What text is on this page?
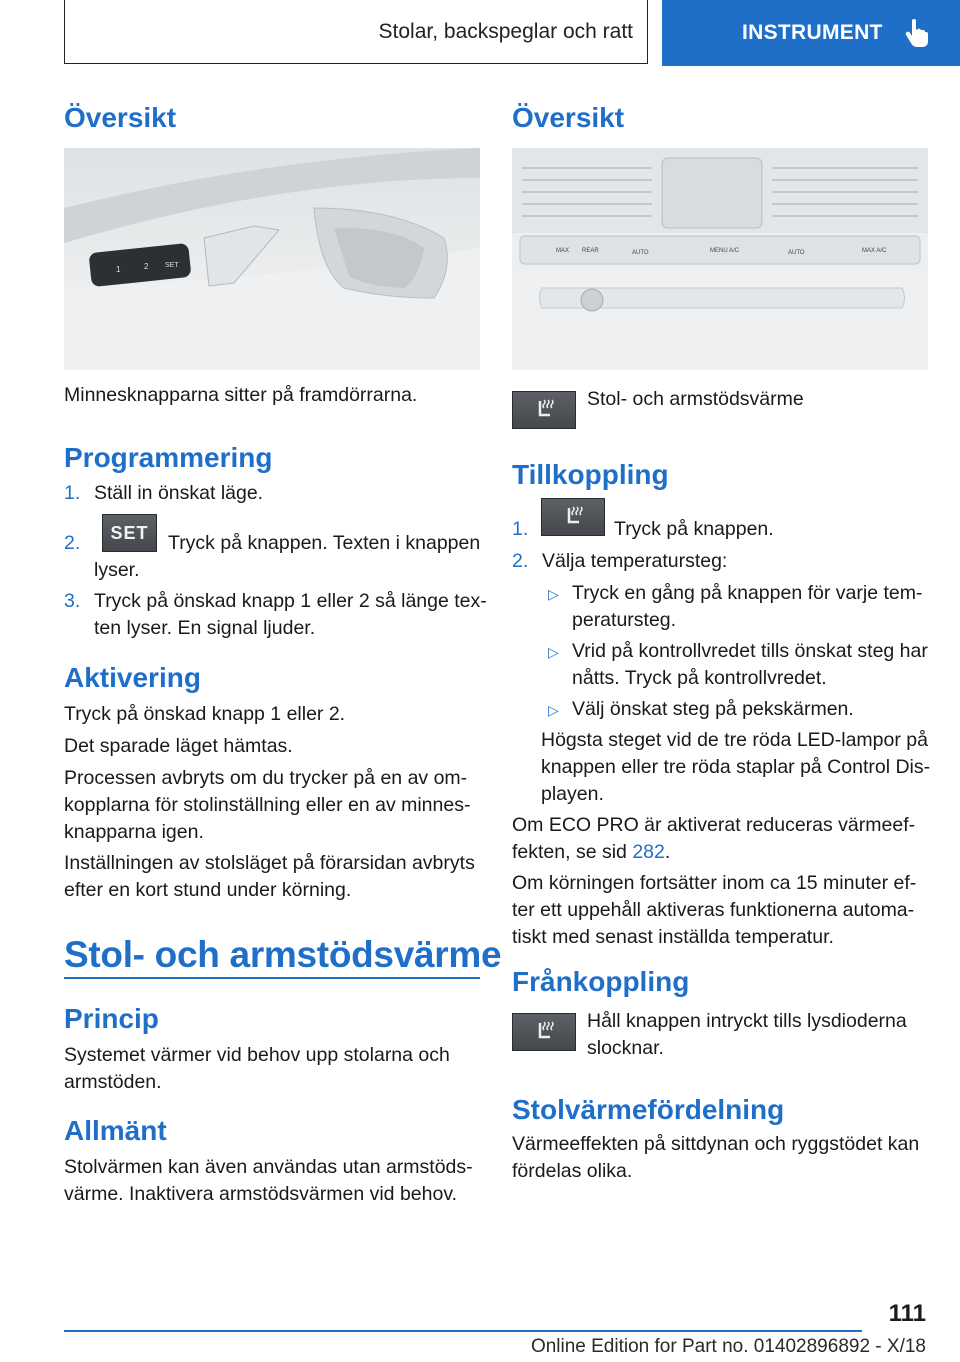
Stolar, backspeglar och ratt	INSTRUMENT
Översikt
1	2 SET

Minnesknapparna sitter på framdörrarna.

Programmering

1. Ställ in önskat läge.

2.	SET Tryck på knappen. Texten i knappen

lyser.

3. Tryck på önskad knapp 1 eller 2 så länge tex-

ten lyser. En signal ljuder.

Aktivering

Tryck på önskad knapp 1 eller 2.

Det sparade läget hämtas.

Processen avbryts om du trycker på en av om-

kopplarna för stolinställning eller en av minnes-

knapparna igen.

Inställningen av stolsläget på förarsidan avbryts

efter en kort stund under körning.

Stol- och armstödsvärme
Princip

Systemet värmer vid behov upp stolarna och

armstöden.

Allmänt

Stolvärmen kan även användas utan armstöds-

värme. Inaktivera armstödsvärmen vid behov.

Översikt
MAX REAR	AUTO	MENU A/C	AUTO	MAX A/C

Stol- och armstödsvärme

Tillkoppling

1.	Tryck på knappen.

2. Välja temperatursteg:

▷ Tryck en gång på knappen för varje tem-

peratursteg.

▷ Vrid på kontrollvredet tills önskat steg har

nåtts. Tryck på kontrollvredet.

▷ Välj önskat steg på pekskärmen.

Högsta steget vid de tre röda LED-lampor på

knappen eller tre röda staplar på Control Dis-

playen.

Om ECO PRO är aktiverat reduceras värmeef-

fekten, se sid 282.

Om körningen fortsätter inom ca 15 minuter ef-

ter ett uppehåll aktiveras funktionerna automa-

tiskt med senast inställda temperatur.

Frånkoppling

Håll knappen intryckt tills lysdioderna

slocknar.

Stolvärmefördelning

Värmeeffekten på sittdynan och ryggstödet kan

fördelas olika.

111
Online Edition for Part no. 01402896892 - X/18
